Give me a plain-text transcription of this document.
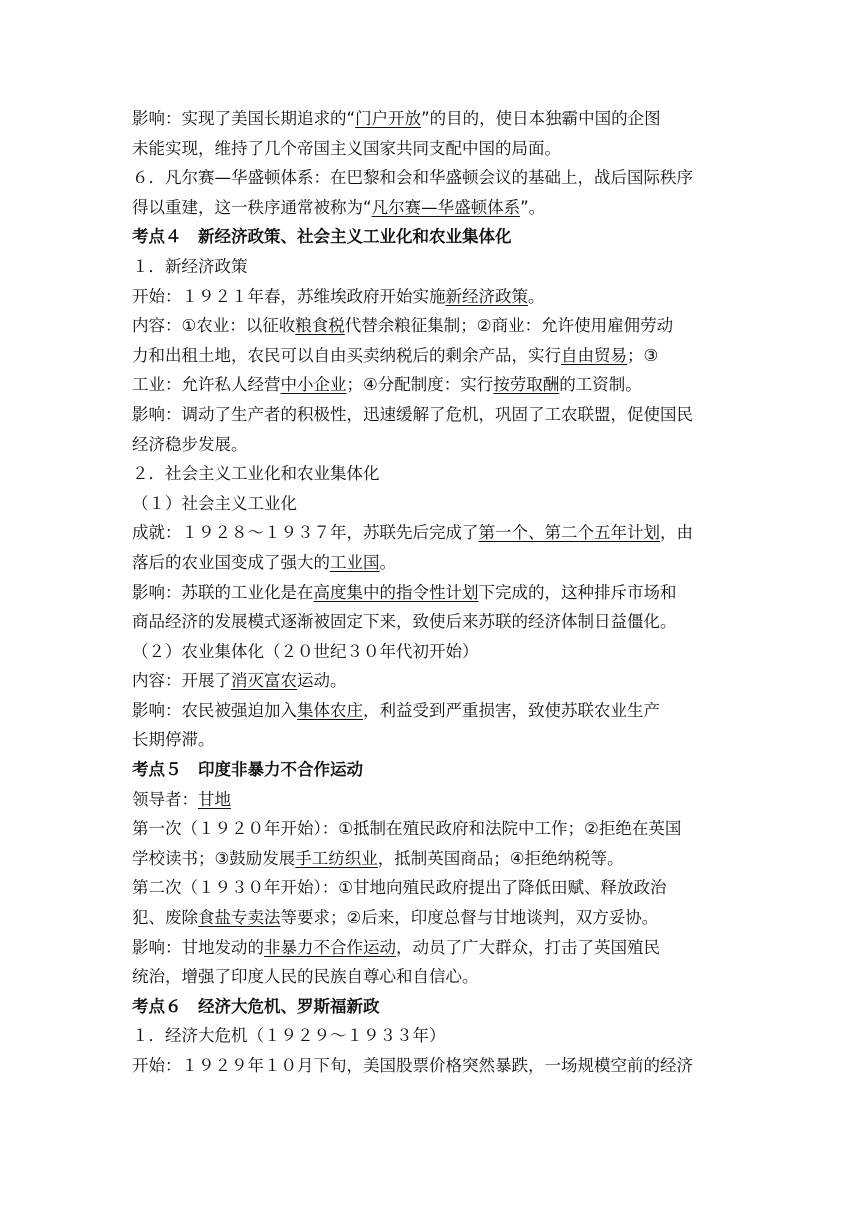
影响：实现了美国长期追求的“门户开放”的目的，使日本独霸中国的企图
未能实现，维持了几个帝国主义国家共同支配中国的局面。
６．凡尔赛—华盛顿体系：在巴黎和会和华盛顿会议的基础上，战后国际秩序
得以重建，这一秩序通常被称为“凡尔赛—华盛顿体系”。
考点４　新经济政策、社会主义工业化和农业集体化
１．新经济政策
开始：１９２１年春，苏维埃政府开始实施新经济政策。
内容：①农业：以征收粮食税代替余粮征集制；②商业：允许使用雇佣劳动
力和出租土地，农民可以自由买卖纳税后的剩余产品，实行自由贸易；③
工业：允许私人经营中小企业；④分配制度：实行按劳取酬的工资制。
影响：调动了生产者的积极性，迅速缓解了危机，巩固了工农联盟，促使国民
经济稳步发展。
２．社会主义工业化和农业集体化
（１）社会主义工业化
成就：１９２８～１９３７年，苏联先后完成了第一个、第二个五年计划，由
落后的农业国变成了强大的工业国。
影响：苏联的工业化是在高度集中的指令性计划下完成的，这种排斥市场和
商品经济的发展模式逐渐被固定下来，致使后来苏联的经济体制日益僵化。
（２）农业集体化（２０世纪３０年代初开始）
内容：开展了消灭富农运动。
影响：农民被强迫加入集体农庄，利益受到严重损害，致使苏联农业生产
长期停滞。
考点５　印度非暴力不合作运动
领导者：甘地
第一次（１９２０年开始）：①抵制在殖民政府和法院中工作；②拒绝在英国
学校读书；③鼓励发展手工纺织业，抵制英国商品；④拒绝纳税等。
第二次（１９３０年开始）：①甘地向殖民政府提出了降低田赋、释放政治
犯、废除食盐专卖法等要求；②后来，印度总督与甘地谈判，双方妥协。
影响：甘地发动的非暴力不合作运动，动员了广大群众，打击了英国殖民
统治，增强了印度人民的民族自尊心和自信心。
考点６　经济大危机、罗斯福新政
１．经济大危机（１９２９～１９３３年）
开始：１９２９年１０月下旬，美国股票价格突然暴跌，一场规模空前的经济
